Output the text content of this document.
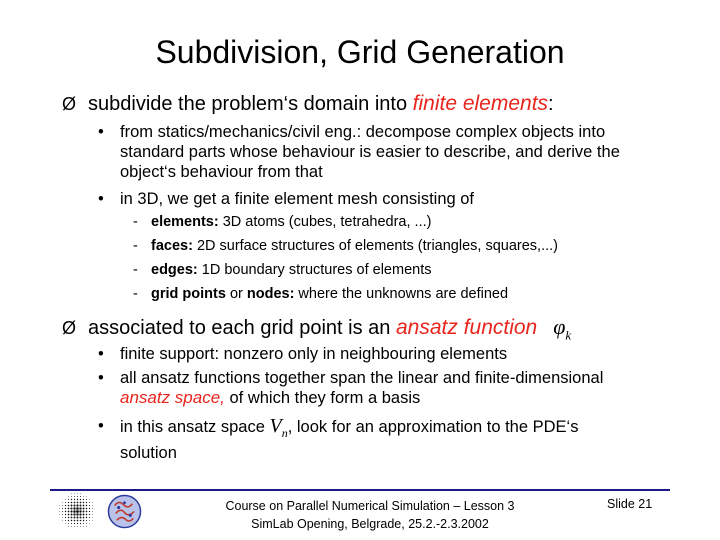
Subdivision, Grid Generation
Ø subdivide the problem‘s domain into finite elements:
• from statics/mechanics/civil eng.: decompose complex objects into standard parts whose behaviour is easier to describe, and derive the object‘s behaviour from that
• in 3D, we get a finite element mesh consisting of
- elements: 3D atoms (cubes, tetrahedra, ...)
- faces: 2D surface structures of elements (triangles, squares,...)
- edges: 1D boundary structures of elements
- grid points or nodes: where the unknowns are defined
Ø associated to each grid point is an ansatz function $\varphi_k$
• finite support: nonzero only in neighbouring elements
• all ansatz functions together span the linear and finite-dimensional ansatz space, of which they form a basis
• in this ansatz space $V_n$, look for an approximation to the PDE‘s solution
Course on Parallel Numerical Simulation – Lesson 3
SimLab Opening, Belgrade, 25.2.-2.3.2002
Slide 21
